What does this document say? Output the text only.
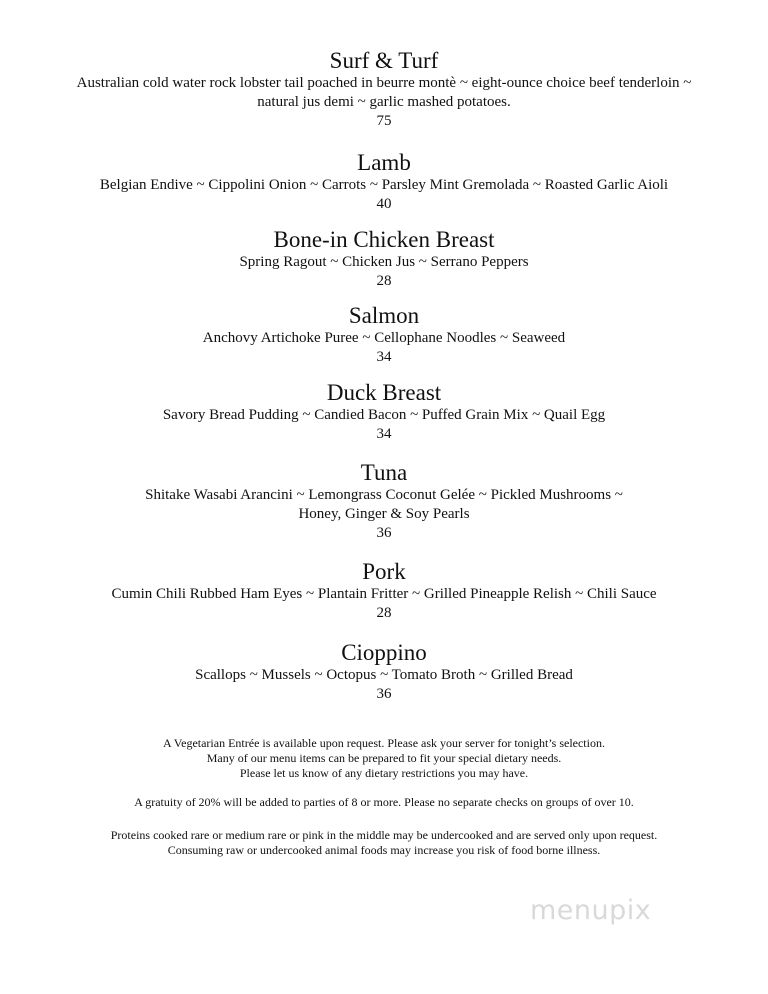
Surf & Turf
Australian cold water rock lobster tail poached in beurre montè ~ eight-ounce choice beef tenderloin ~ natural jus demi ~ garlic mashed potatoes.
75
Lamb
Belgian Endive ~ Cippolini Onion ~ Carrots ~ Parsley Mint Gremolada ~ Roasted Garlic Aioli
40
Bone-in Chicken Breast
Spring Ragout ~ Chicken Jus ~ Serrano Peppers
28
Salmon
Anchovy Artichoke Puree ~ Cellophane Noodles ~ Seaweed
34
Duck Breast
Savory Bread Pudding ~ Candied Bacon ~ Puffed Grain Mix ~ Quail Egg
34
Tuna
Shitake Wasabi Arancini ~ Lemongrass Coconut Gelée ~ Pickled Mushrooms ~ Honey, Ginger & Soy Pearls
36
Pork
Cumin Chili Rubbed Ham Eyes ~ Plantain Fritter ~ Grilled Pineapple Relish ~ Chili Sauce
28
Cioppino
Scallops ~ Mussels ~ Octopus ~ Tomato Broth ~ Grilled Bread
36
A Vegetarian Entrée is available upon request. Please ask your server for tonight’s selection.
Many of our menu items can be prepared to fit your special dietary needs.
Please let us know of any dietary restrictions you may have.
A gratuity of 20% will be added to parties of 8 or more. Please no separate checks on groups of over 10.
Proteins cooked rare or medium rare or pink in the middle may be undercooked and are served only upon request.
Consuming raw or undercooked animal foods may increase you risk of food borne illness.
menupix
